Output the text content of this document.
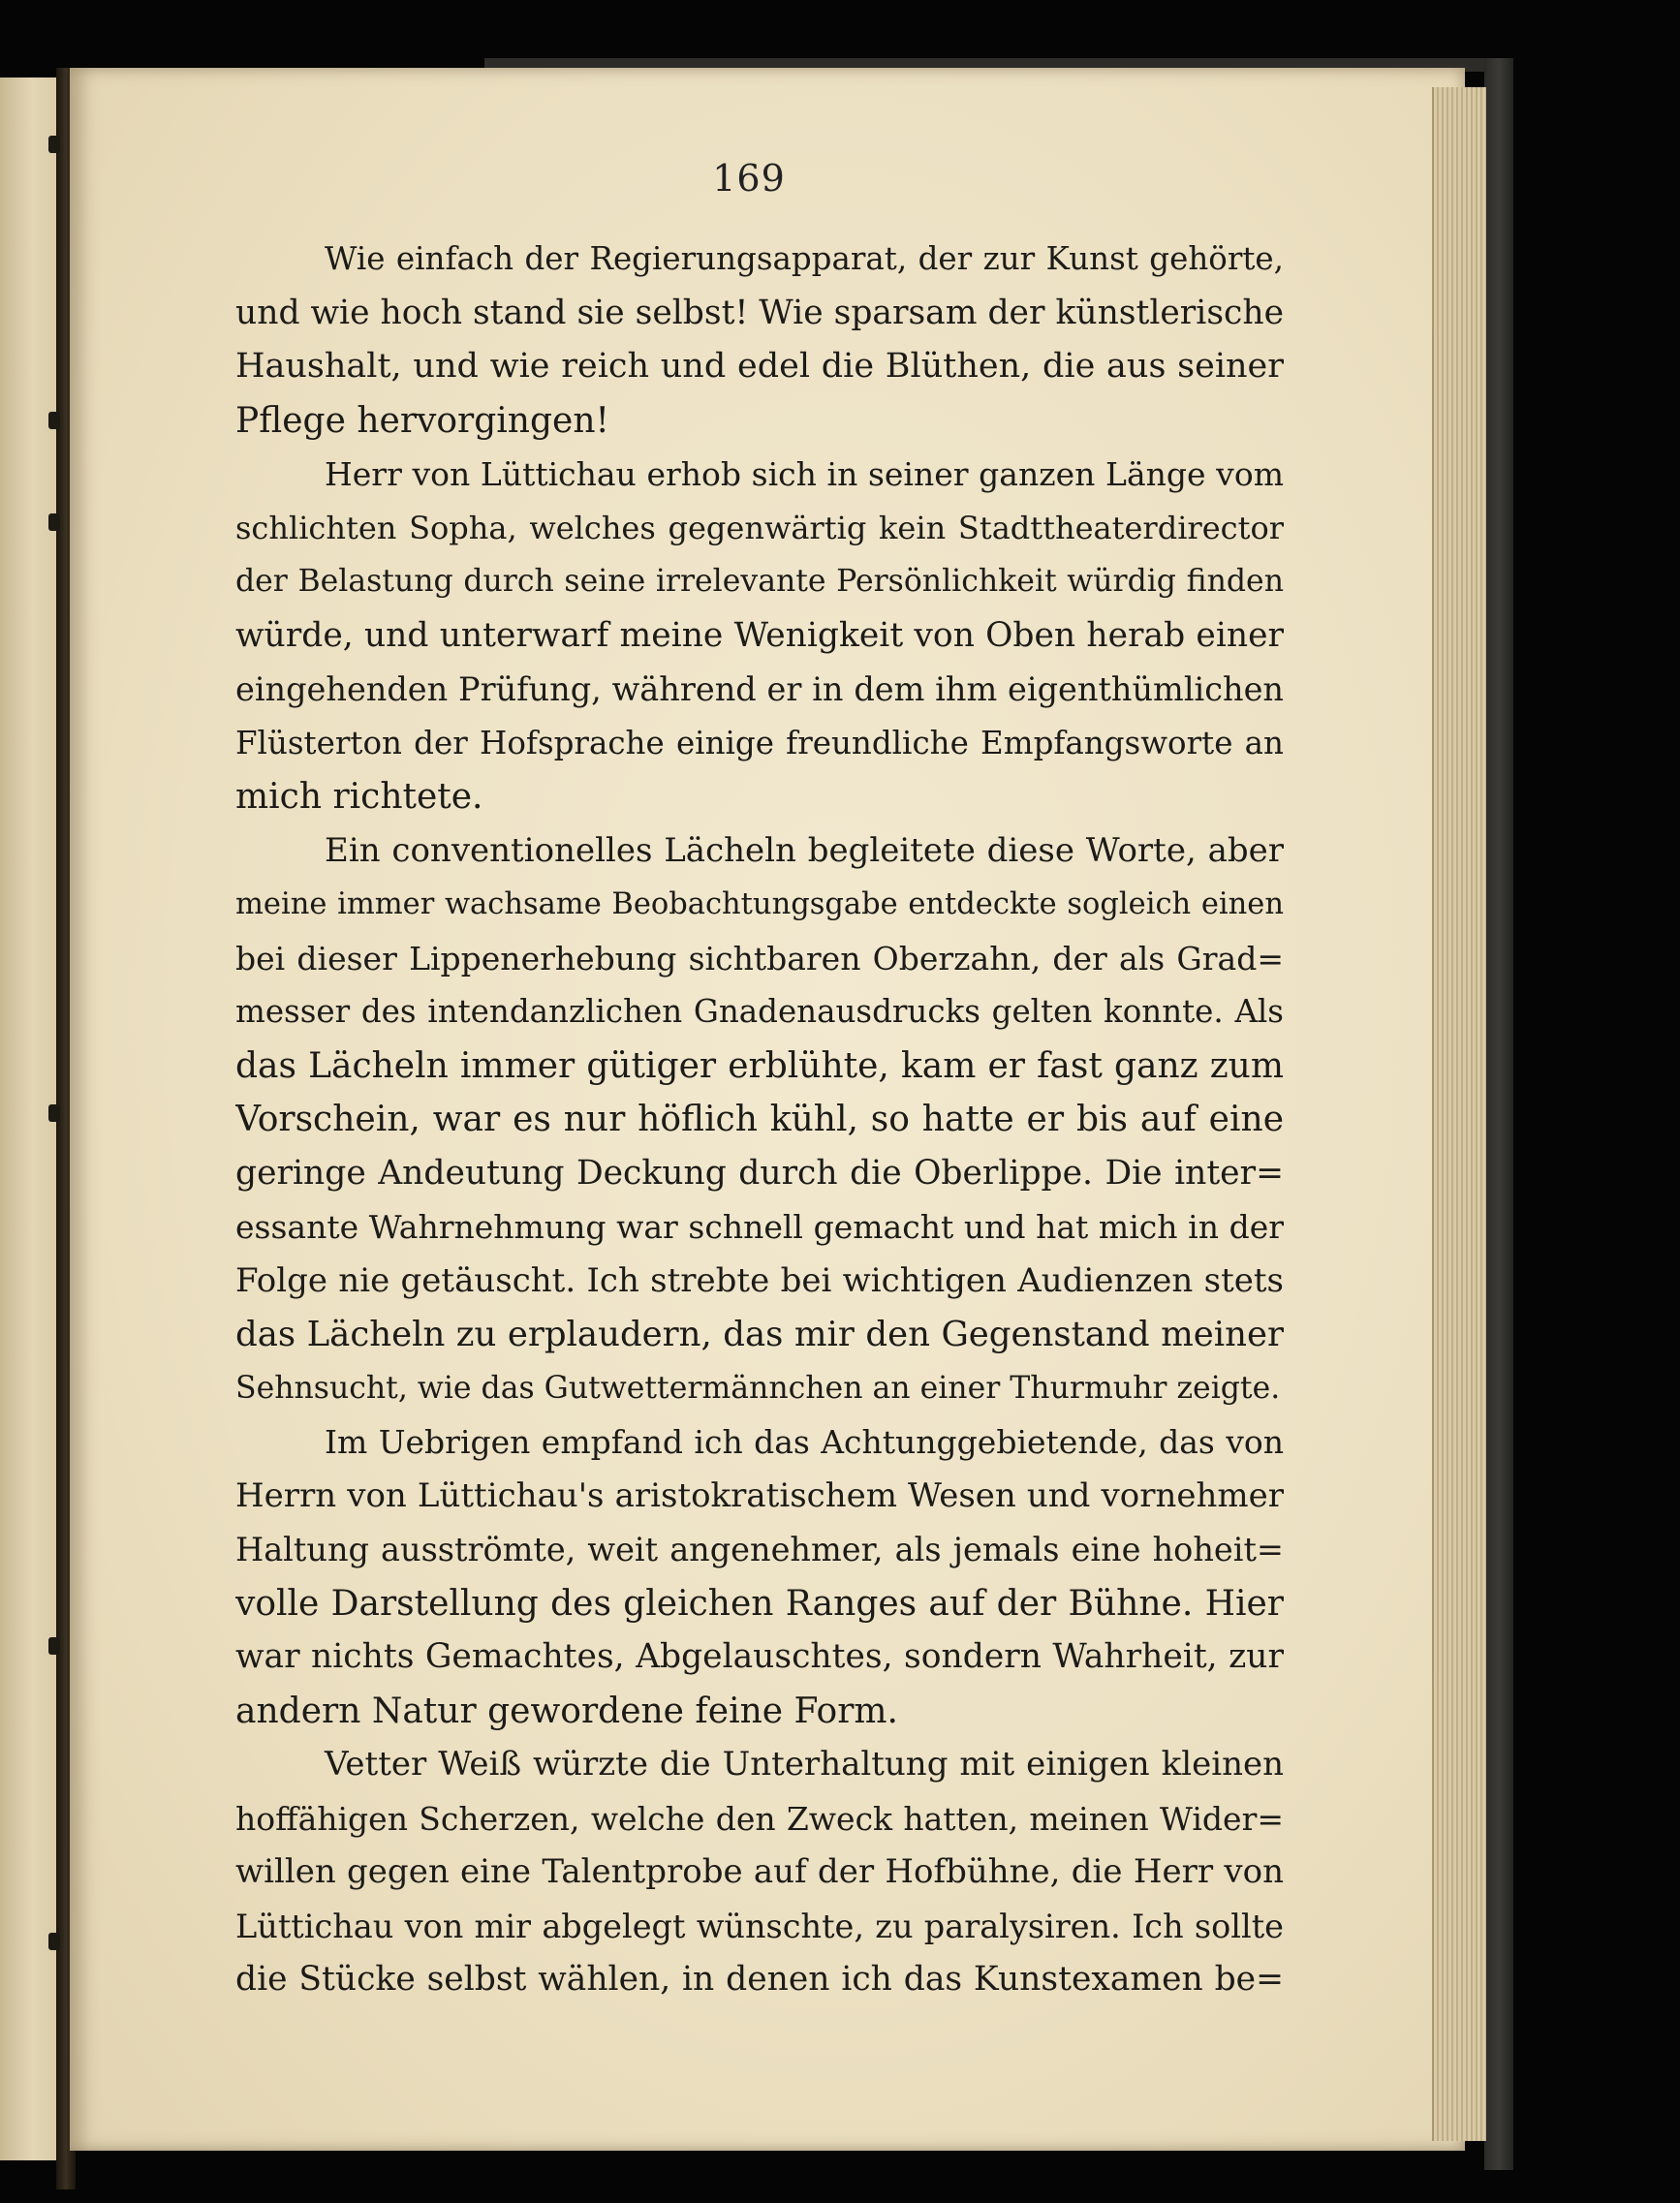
169
Wie einfach der Regierungsapparat, der zur Kunst gehörte,
und wie hoch stand sie selbst! Wie sparsam der künstlerische
Haushalt, und wie reich und edel die Blüthen, die aus seiner
Pflege hervorgingen!
Herr von Lüttichau erhob sich in seiner ganzen Länge vom
schlichten Sopha, welches gegenwärtig kein Stadttheaterdirector
der Belastung durch seine irrelevante Persönlichkeit würdig finden
würde, und unterwarf meine Wenigkeit von Oben herab einer
eingehenden Prüfung, während er in dem ihm eigenthümlichen
Flüsterton der Hofsprache einige freundliche Empfangsworte an
mich richtete.
Ein conventionelles Lächeln begleitete diese Worte, aber
meine immer wachsame Beobachtungsgabe entdeckte sogleich einen
bei dieser Lippenerhebung sichtbaren Oberzahn, der als Grad=
messer des intendanzlichen Gnadenausdrucks gelten konnte. Als
das Lächeln immer gütiger erblühte, kam er fast ganz zum
Vorschein, war es nur höflich kühl, so hatte er bis auf eine
geringe Andeutung Deckung durch die Oberlippe. Die inter=
essante Wahrnehmung war schnell gemacht und hat mich in der
Folge nie getäuscht. Ich strebte bei wichtigen Audienzen stets
das Lächeln zu erplaudern, das mir den Gegenstand meiner
Sehnsucht, wie das Gutwettermännchen an einer Thurmuhr zeigte.
Im Uebrigen empfand ich das Achtunggebietende, das von
Herrn von Lüttichau's aristokratischem Wesen und vornehmer
Haltung ausströmte, weit angenehmer, als jemals eine hoheit=
volle Darstellung des gleichen Ranges auf der Bühne. Hier
war nichts Gemachtes, Abgelauschtes, sondern Wahrheit, zur
andern Natur gewordene feine Form.
Vetter Weiß würzte die Unterhaltung mit einigen kleinen
hoffähigen Scherzen, welche den Zweck hatten, meinen Wider=
willen gegen eine Talentprobe auf der Hofbühne, die Herr von
Lüttichau von mir abgelegt wünschte, zu paralysiren. Ich sollte
die Stücke selbst wählen, in denen ich das Kunstexamen be=
